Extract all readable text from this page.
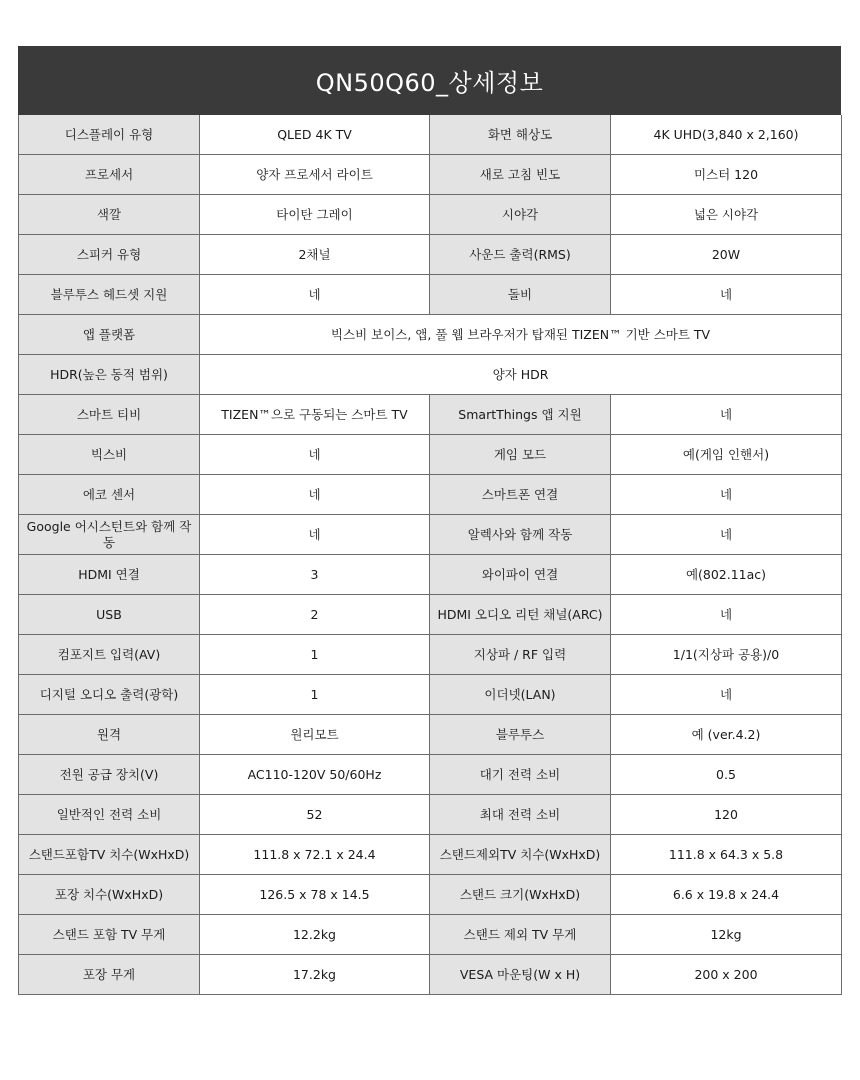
QN50Q60_상세정보
디스플레이 유형	QLED 4K TV	화면 해상도	4K UHD(3,840 x 2,160)
프로세서	양자 프로세서 라이트	새로 고침 빈도	미스터 120
색깔	타이탄 그레이	시야각	넓은 시야각
스피커 유형	2채널	사운드 출력(RMS)	20W
블루투스 헤드셋 지원	네	돌비	네
앱 플랫폼	빅스비 보이스, 앱, 풀 웹 브라우저가 탑재된 TIZEN™ 기반 스마트 TV		
HDR(높은 동적 범위)	양자 HDR		
스마트 티비	TIZEN™으로 구동되는 스마트 TV	SmartThings 앱 지원	네
빅스비	네	게임 모드	예(게임 인핸서)
에코 센서	네	스마트폰 연결	네
Google 어시스턴트와 함께 작동	네	알렉사와 함께 작동	네
HDMI 연결	3	와이파이 연결	예(802.11ac)
USB	2	HDMI 오디오 리턴 채널(ARC)	네
컴포지트 입력(AV)	1	지상파 / RF 입력	1/1(지상파 공용)/0
디지털 오디오 출력(광학)	1	이더넷(LAN)	네
원격	원리모트	블루투스	예 (ver.4.2)
전원 공급 장치(V)	AC110-120V 50/60Hz	대기 전력 소비	0.5
일반적인 전력 소비	52	최대 전력 소비	120
스탠드포함TV 치수(WxHxD)	111.8 x 72.1 x 24.4	스탠드제외TV 치수(WxHxD)	111.8 x 64.3 x 5.8
포장 치수(WxHxD)	126.5 x 78 x 14.5	스탠드 크기(WxHxD)	6.6 x 19.8 x 24.4
스탠드 포함 TV 무게	12.2kg	스탠드 제외 TV 무게	12kg
포장 무게	17.2kg	VESA 마운팅(W x H)	200 x 200
